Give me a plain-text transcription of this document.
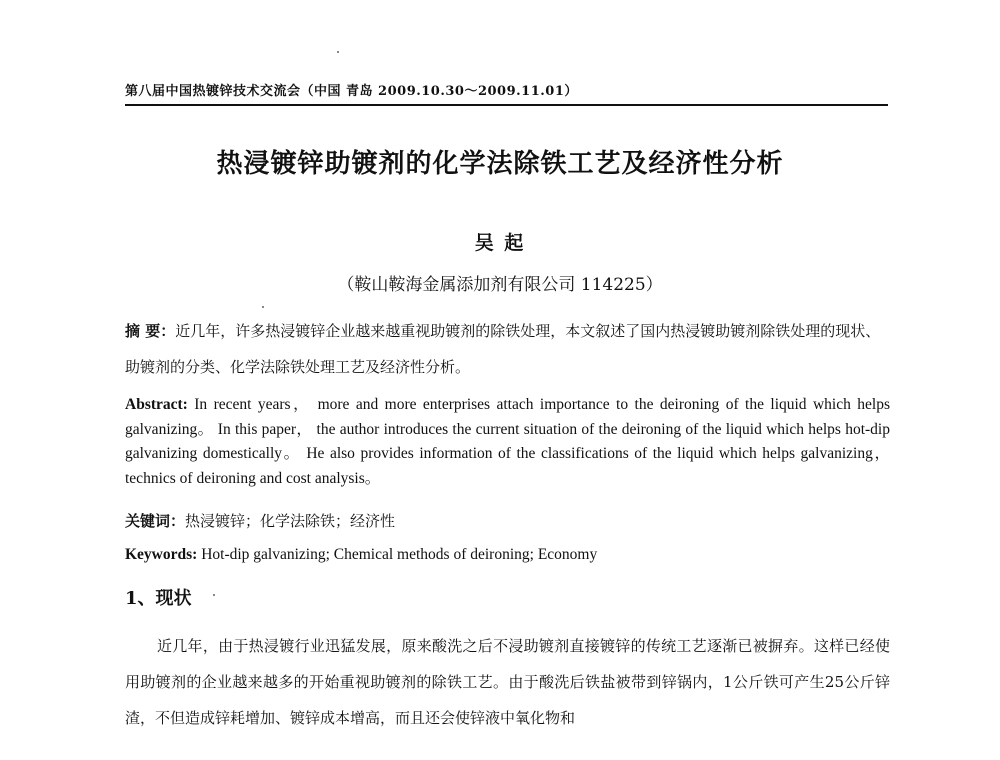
第八届中国热镀锌技术交流会（中国 青岛 2009.10.30～2009.11.01）
热浸镀锌助镀剂的化学法除铁工艺及经济性分析
吴 起
（鞍山鞍海金属添加剂有限公司 114225）
摘 要：近几年，许多热浸镀锌企业越来越重视助镀剂的除铁处理，本文叙述了国内热浸镀助镀剂除铁处理的现状、助镀剂的分类、化学法除铁处理工艺及经济性分析。
Abstract: In recent years， more and more enterprises attach importance to the deironing of the liquid which helps galvanizing。 In this paper， the author introduces the current situation of the deironing of the liquid which helps hot-dip galvanizing domestically。 He also provides information of the classifications of the liquid which helps galvanizing， technics of deironing and cost analysis。
关键词：热浸镀锌；化学法除铁；经济性
Keywords: Hot-dip galvanizing; Chemical methods of deironing; Economy
1、现状
近几年，由于热浸镀行业迅猛发展，原来酸洗之后不浸助镀剂直接镀锌的传统工艺逐渐已被摒弃。这样已经使用助镀剂的企业越来越多的开始重视助镀剂的除铁工艺。由于酸洗后铁盐被带到锌锅内，1公斤铁可产生25公斤锌渣，不但造成锌耗增加、镀锌成本增高，而且还会使锌液中氧化物和
